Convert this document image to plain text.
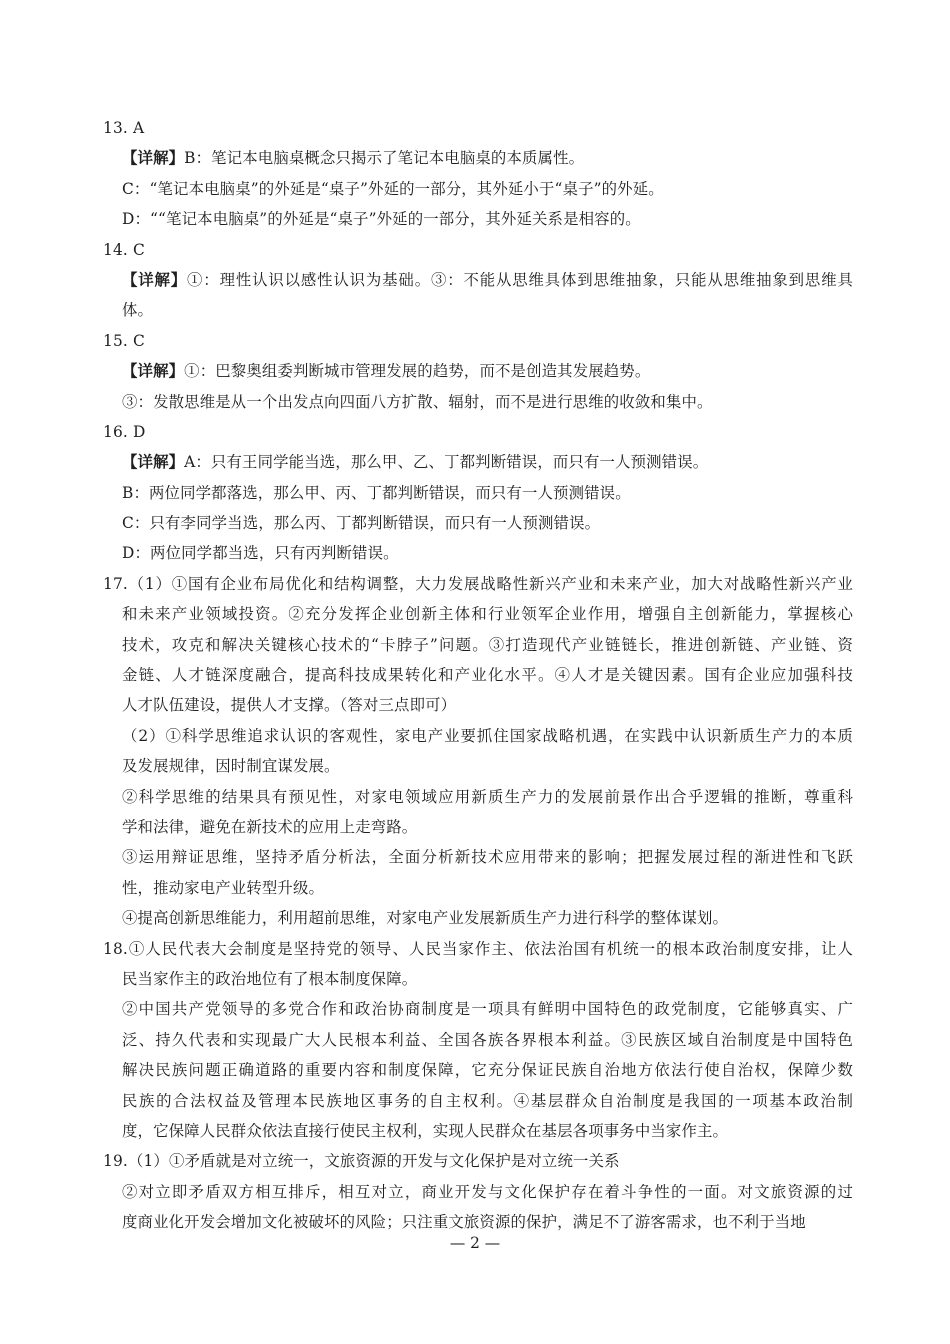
13. A
【详解】B：笔记本电脑桌概念只揭示了笔记本电脑桌的本质属性。
C：“笔记本电脑桌”的外延是“桌子”外延的一部分，其外延小于“桌子”的外延。
D：““笔记本电脑桌”的外延是“桌子”外延的一部分，其外延关系是相容的。
14. C
【详解】①：理性认识以感性认识为基础。③：不能从思维具体到思维抽象，只能从思维抽象到思维具
体。
15. C
【详解】①：巴黎奥组委判断城市管理发展的趋势，而不是创造其发展趋势。
③：发散思维是从一个出发点向四面八方扩散、辐射，而不是进行思维的收敛和集中。
16. D
【详解】A：只有王同学能当选，那么甲、乙、丁都判断错误，而只有一人预测错误。
B：两位同学都落选，那么甲、丙、丁都判断错误，而只有一人预测错误。
C：只有李同学当选，那么丙、丁都判断错误，而只有一人预测错误。
D：两位同学都当选，只有丙判断错误。
17.（1）①国有企业布局优化和结构调整，大力发展战略性新兴产业和未来产业，加大对战略性新兴产业
和未来产业领域投资。②充分发挥企业创新主体和行业领军企业作用，增强自主创新能力，掌握核心
技术，攻克和解决关键核心技术的“卡脖子”问题。③打造现代产业链链长，推进创新链、产业链、资
金链、人才链深度融合，提高科技成果转化和产业化水平。④人才是关键因素。国有企业应加强科技
人才队伍建设，提供人才支撑。（答对三点即可）
（2）①科学思维追求认识的客观性，家电产业要抓住国家战略机遇，在实践中认识新质生产力的本质
及发展规律，因时制宜谋发展。
②科学思维的结果具有预见性，对家电领域应用新质生产力的发展前景作出合乎逻辑的推断，尊重科
学和法律，避免在新技术的应用上走弯路。
③运用辩证思维，坚持矛盾分析法，全面分析新技术应用带来的影响；把握发展过程的渐进性和飞跃
性，推动家电产业转型升级。
④提高创新思维能力，利用超前思维，对家电产业发展新质生产力进行科学的整体谋划。
18.①人民代表大会制度是坚持党的领导、人民当家作主、依法治国有机统一的根本政治制度安排，让人
民当家作主的政治地位有了根本制度保障。
②中国共产党领导的多党合作和政治协商制度是一项具有鲜明中国特色的政党制度，它能够真实、广
泛、持久代表和实现最广大人民根本利益、全国各族各界根本利益。③民族区域自治制度是中国特色
解决民族问题正确道路的重要内容和制度保障，它充分保证民族自治地方依法行使自治权，保障少数
民族的合法权益及管理本民族地区事务的自主权利。④基层群众自治制度是我国的一项基本政治制
度，它保障人民群众依法直接行使民主权利，实现人民群众在基层各项事务中当家作主。
19.（1）①矛盾就是对立统一，文旅资源的开发与文化保护是对立统一关系
②对立即矛盾双方相互排斥，相互对立，商业开发与文化保护存在着斗争性的一面。对文旅资源的过
度商业化开发会增加文化被破坏的风险；只注重文旅资源的保护，满足不了游客需求，也不利于当地
— 2 —
